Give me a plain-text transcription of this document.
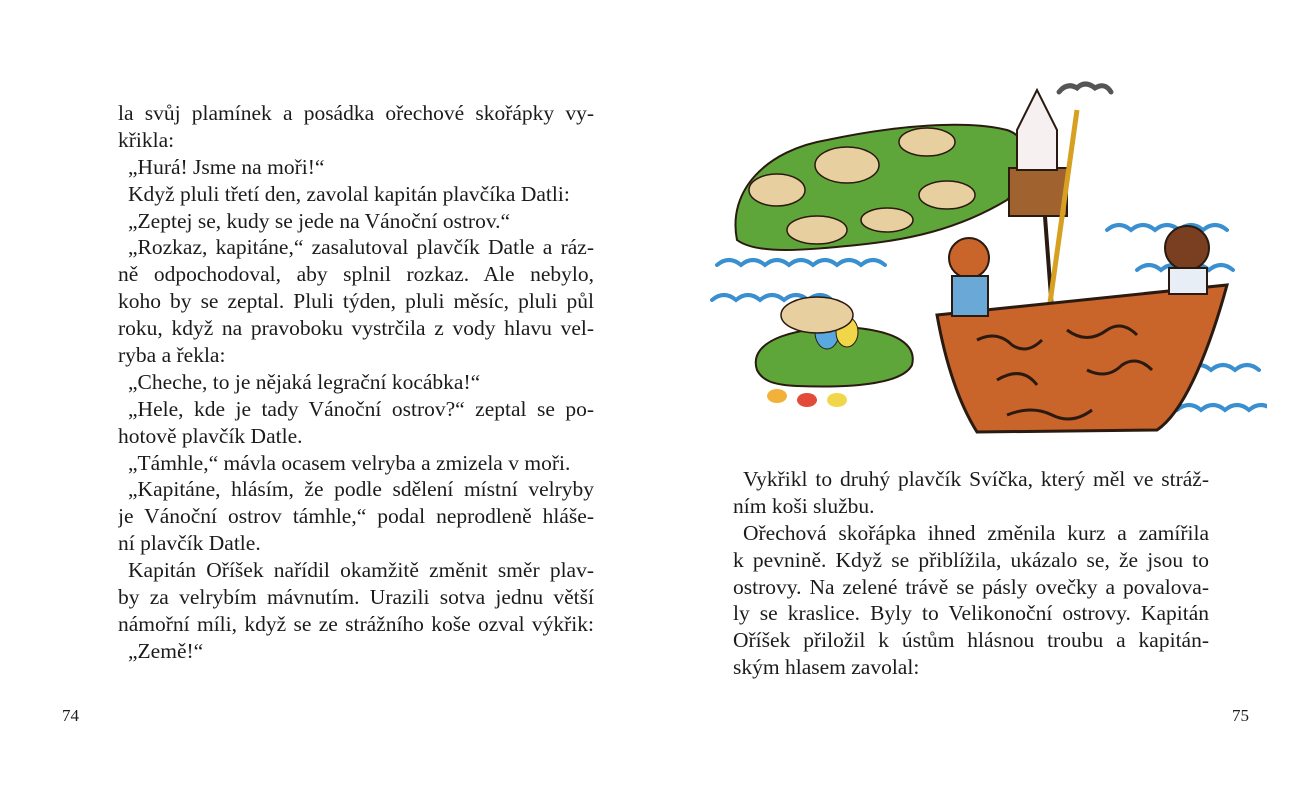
la svůj plamínek a posádka ořechové skořápky vy-
křikla:
„Hurá! Jsme na moři!“
Když pluli třetí den, zavolal kapitán plavčíka Datli:
„Zeptej se, kudy se jede na Vánoční ostrov.“
„Rozkaz, kapitáne,“ zasalutoval plavčík Datle a ráz-
ně odpochodoval, aby splnil rozkaz. Ale nebylo,
koho by se zeptal. Pluli týden, pluli měsíc, pluli půl
roku, když na pravoboku vystrčila z vody hlavu vel-
ryba a řekla:
„Cheche, to je nějaká legrační kocábka!“
„Hele, kde je tady Vánoční ostrov?“ zeptal se po-
hotově plavčík Datle.
„Támhle,“ mávla ocasem velryba a zmizela v moři.
„Kapitáne, hlásím, že podle sdělení místní velryby
je Vánoční ostrov támhle,“ podal neprodleně hláše-
ní plavčík Datle.
Kapitán Oříšek nařídil okamžitě změnit směr plav-
by za velrybím mávnutím. Urazili sotva jednu větší
námořní míli, když se ze strážního koše ozval výkřik:
„Země!“
74
Vykřikl to druhý plavčík Svíčka, který měl ve stráž-
ním koši službu.
Ořechová skořápka ihned změnila kurz a zamířila
k pevnině. Když se přiblížila, ukázalo se, že jsou to
ostrovy. Na zelené trávě se pásly ovečky a povalova-
ly se kraslice. Byly to Velikonoční ostrovy. Kapitán
Oříšek přiložil k ústům hlásnou troubu a kapitán-
ským hlasem zavolal:
75
